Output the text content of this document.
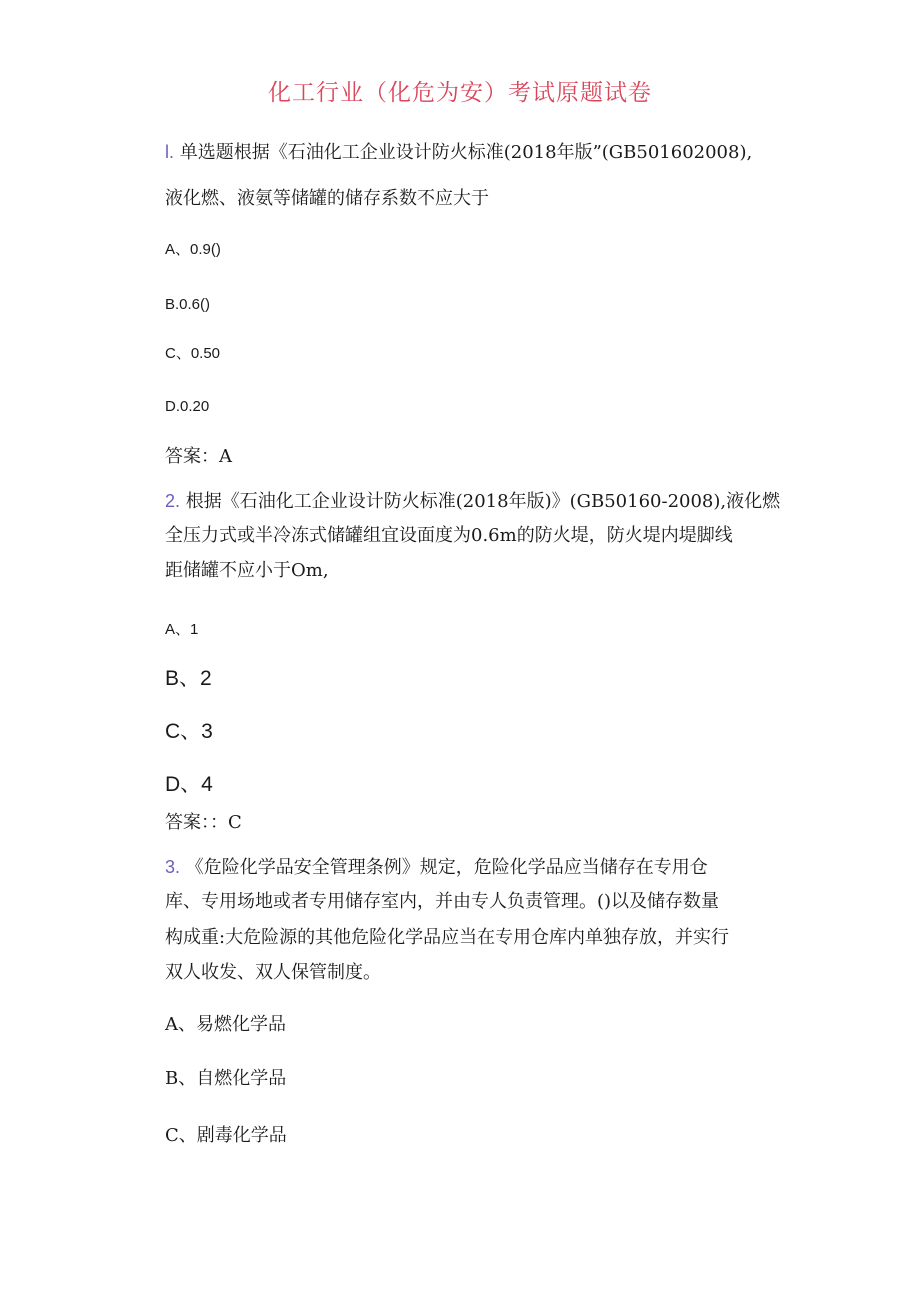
化工行业（化危为安）考试原题试卷
l. 单选题根据《石油化工企业设计防火标准(2018年版”(GB501602008),
液化燃、液氨等储罐的储存系数不应大于
A、0.9()
B.0.6()
C、0.50
D.0.20
答案：A
2. 根据《石油化工企业设计防火标准(2018年版)》(GB50160-2008),液化燃
全压力式或半冷冻式储罐组宜设面度为0.6m的防火堤，防火堤内堤脚线
距储罐不应小于Om,
A、1
B、2
C、3
D、4
答案：：C
3. 《危险化学品安全管理条例》规定，危险化学品应当储存在专用仓
库、专用场地或者专用储存室内，并由专人负责管理。()以及储存数量
构成重:大危险源的其他危险化学品应当在专用仓库内单独存放，并实行
双人收发、双人保管制度。
A、易燃化学品
B、自燃化学品
C、剧毒化学品
